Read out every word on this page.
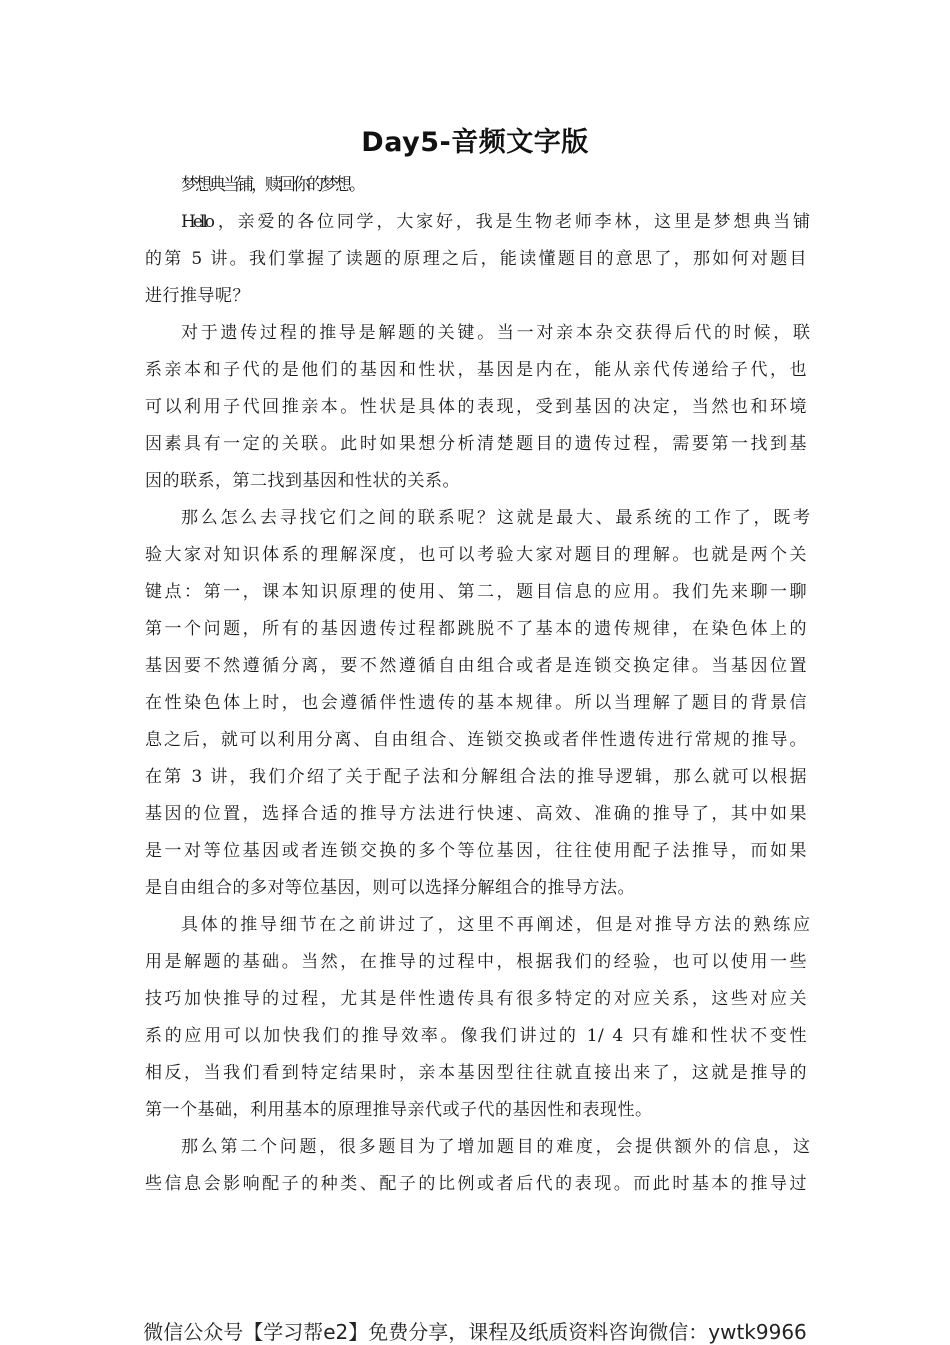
Day5-音频文字版

梦想典当铺，赎回你的梦想。

Hello，亲爱的各位同学，大家好，我是生物老师李林，这里是梦想典当铺
的第 5 讲。我们掌握了读题的原理之后，能读懂题目的意思了，那如何对题目
进行推导呢？

对于遗传过程的推导是解题的关键。当一对亲本杂交获得后代的时候，联
系亲本和子代的是他们的基因和性状，基因是内在，能从亲代传递给子代，也
可以利用子代回推亲本。性状是具体的表现，受到基因的决定，当然也和环境
因素具有一定的关联。此时如果想分析清楚题目的遗传过程，需要第一找到基
因的联系，第二找到基因和性状的关系。

那么怎么去寻找它们之间的联系呢？这就是最大、最系统的工作了，既考
验大家对知识体系的理解深度，也可以考验大家对题目的理解。也就是两个关
键点：第一，课本知识原理的使用、第二，题目信息的应用。我们先来聊一聊
第一个问题，所有的基因遗传过程都跳脱不了基本的遗传规律，在染色体上的
基因要不然遵循分离，要不然遵循自由组合或者是连锁交换定律。当基因位置
在性染色体上时，也会遵循伴性遗传的基本规律。所以当理解了题目的背景信
息之后，就可以利用分离、自由组合、连锁交换或者伴性遗传进行常规的推导。
在第 3 讲，我们介绍了关于配子法和分解组合法的推导逻辑，那么就可以根据
基因的位置，选择合适的推导方法进行快速、高效、准确的推导了，其中如果
是一对等位基因或者连锁交换的多个等位基因，往往使用配子法推导，而如果
是自由组合的多对等位基因，则可以选择分解组合的推导方法。

具体的推导细节在之前讲过了，这里不再阐述，但是对推导方法的熟练应
用是解题的基础。当然，在推导的过程中，根据我们的经验，也可以使用一些
技巧加快推导的过程，尤其是伴性遗传具有很多特定的对应关系，这些对应关
系的应用可以加快我们的推导效率。像我们讲过的 1/ 4 只有雄和性状不变性
相反，当我们看到特定结果时，亲本基因型往往就直接出来了，这就是推导的
第一个基础，利用基本的原理推导亲代或子代的基因性和表现性。

那么第二个问题，很多题目为了增加题目的难度，会提供额外的信息，这
些信息会影响配子的种类、配子的比例或者后代的表现。而此时基本的推导过

微信公众号【学习帮e2】免费分享，课程及纸质资料咨询微信：ywtk9966
